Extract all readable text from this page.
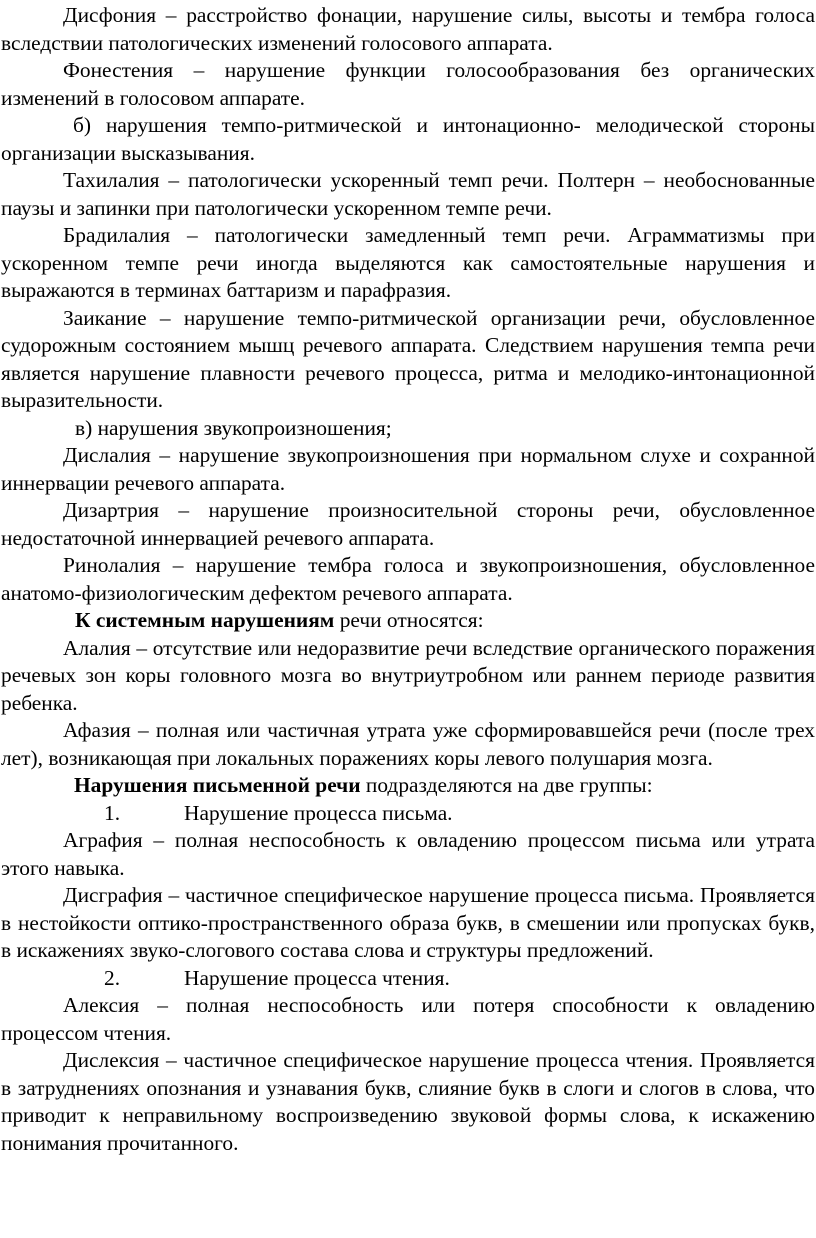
Дисфония – расстройство фонации, нарушение силы, высоты и тембра голоса вследствии патологических изменений голосового аппарата.

Фонестения – нарушение функции голосообразования без органических изменений в голосовом аппарате.

б) нарушения темпо-ритмической и интонационно- мелодической стороны организации высказывания.

Тахилалия – патологически ускоренный темп речи. Полтерн – необоснованные паузы и запинки при патологически ускоренном темпе речи.

Брадилалия – патологически замедленный темп речи. Аграмматизмы при ускоренном темпе речи иногда выделяются как самостоятельные нарушения и выражаются в терминах баттаризм и парафразия.

Заикание – нарушение темпо-ритмической организации речи, обусловленное судорожным состоянием мышц речевого аппарата. Следствием нарушения темпа речи является нарушение плавности речевого процесса, ритма и мелодико-интонационной выразительности.

в) нарушения звукопроизношения;

Дислалия – нарушение звукопроизношения при нормальном слухе и сохранной иннервации речевого аппарата.

Дизартрия – нарушение произносительной стороны речи, обусловленное недостаточной иннервацией речевого аппарата.

Ринолалия – нарушение тембра голоса и звукопроизношения, обусловленное анатомо-физиологическим дефектом речевого аппарата.

К системным нарушениям речи относятся:

Алалия – отсутствие или недоразвитие речи вследствие органического поражения речевых зон коры головного мозга во внутриутробном или раннем периоде развития ребенка.

Афазия – полная или частичная утрата уже сформировавшейся речи (после трех лет), возникающая при локальных поражениях коры левого полушария мозга.

Нарушения письменной речи подразделяются на две группы:

1.	Нарушение процесса письма.

Аграфия – полная неспособность к овладению процессом письма или утрата этого навыка.

Дисграфия – частичное специфическое нарушение процесса письма. Проявляется в нестойкости оптико-пространственного образа букв, в смешении или пропусках букв, в искажениях звуко-слогового состава слова и структуры предложений.

2.	Нарушение процесса чтения.

Алексия – полная неспособность или потеря способности к овладению процессом чтения.

Дислексия – частичное специфическое нарушение процесса чтения. Проявляется в затруднениях опознания и узнавания букв, слияние букв в слоги и слогов в слова, что приводит к неправильному воспроизведению звуковой формы слова, к искажению понимания прочитанного.
